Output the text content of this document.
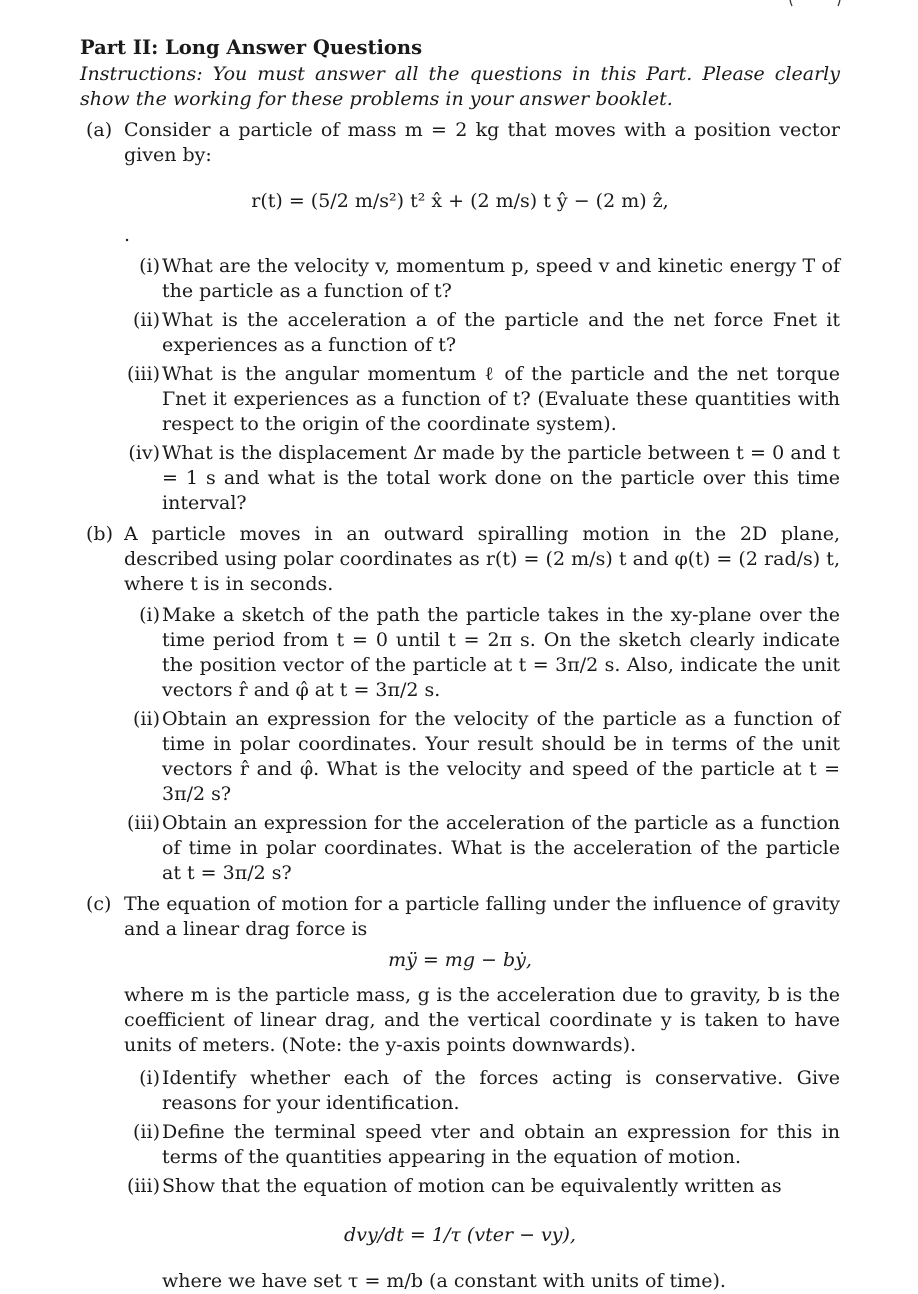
Part II: Long Answer Questions
Instructions: You must answer all the questions in this Part. Please clearly show the working for these problems in your answer booklet.
(a) Consider a particle of mass m = 2 kg that moves with a position vector given by:
r(t) = (5/2 m/s²) t² x̂ + (2 m/s) t ŷ − (2 m) ẑ,
.
(i) What are the velocity v, momentum p, speed v and kinetic energy T of the particle as a function of t?
(ii) What is the acceleration a of the particle and the net force Fnet it experiences as a function of t?
(iii) What is the angular momentum ℓ of the particle and the net torque Γnet it experiences as a function of t? (Evaluate these quantities with respect to the origin of the coordinate system).
(iv) What is the displacement Δr made by the particle between t = 0 and t = 1 s and what is the total work done on the particle over this time interval?
(b) A particle moves in an outward spiralling motion in the 2D plane, described using polar coordinates as r(t) = (2 m/s) t and φ(t) = (2 rad/s) t, where t is in seconds.
(i) Make a sketch of the path the particle takes in the xy-plane over the time period from t = 0 until t = 2π s. On the sketch clearly indicate the position vector of the particle at t = 3π/2 s. Also, indicate the unit vectors r̂ and φ̂ at t = 3π/2 s.
(ii) Obtain an expression for the velocity of the particle as a function of time in polar coordinates. Your result should be in terms of the unit vectors r̂ and φ̂. What is the velocity and speed of the particle at t = 3π/2 s?
(iii) Obtain an expression for the acceleration of the particle as a function of time in polar coordinates. What is the acceleration of the particle at t = 3π/2 s?
(c) The equation of motion for a particle falling under the influence of gravity and a linear drag force is
mÿ = mg − bẏ,
where m is the particle mass, g is the acceleration due to gravity, b is the coefficient of linear drag, and the vertical coordinate y is taken to have units of meters. (Note: the y-axis points downwards).
(i) Identify whether each of the forces acting is conservative. Give reasons for your identification.
(ii) Define the terminal speed vter and obtain an expression for this in terms of the quantities appearing in the equation of motion.
(iii) Show that the equation of motion can be equivalently written as
dvy/dt = 1/τ (vter − vy),
where we have set τ = m/b (a constant with units of time).
